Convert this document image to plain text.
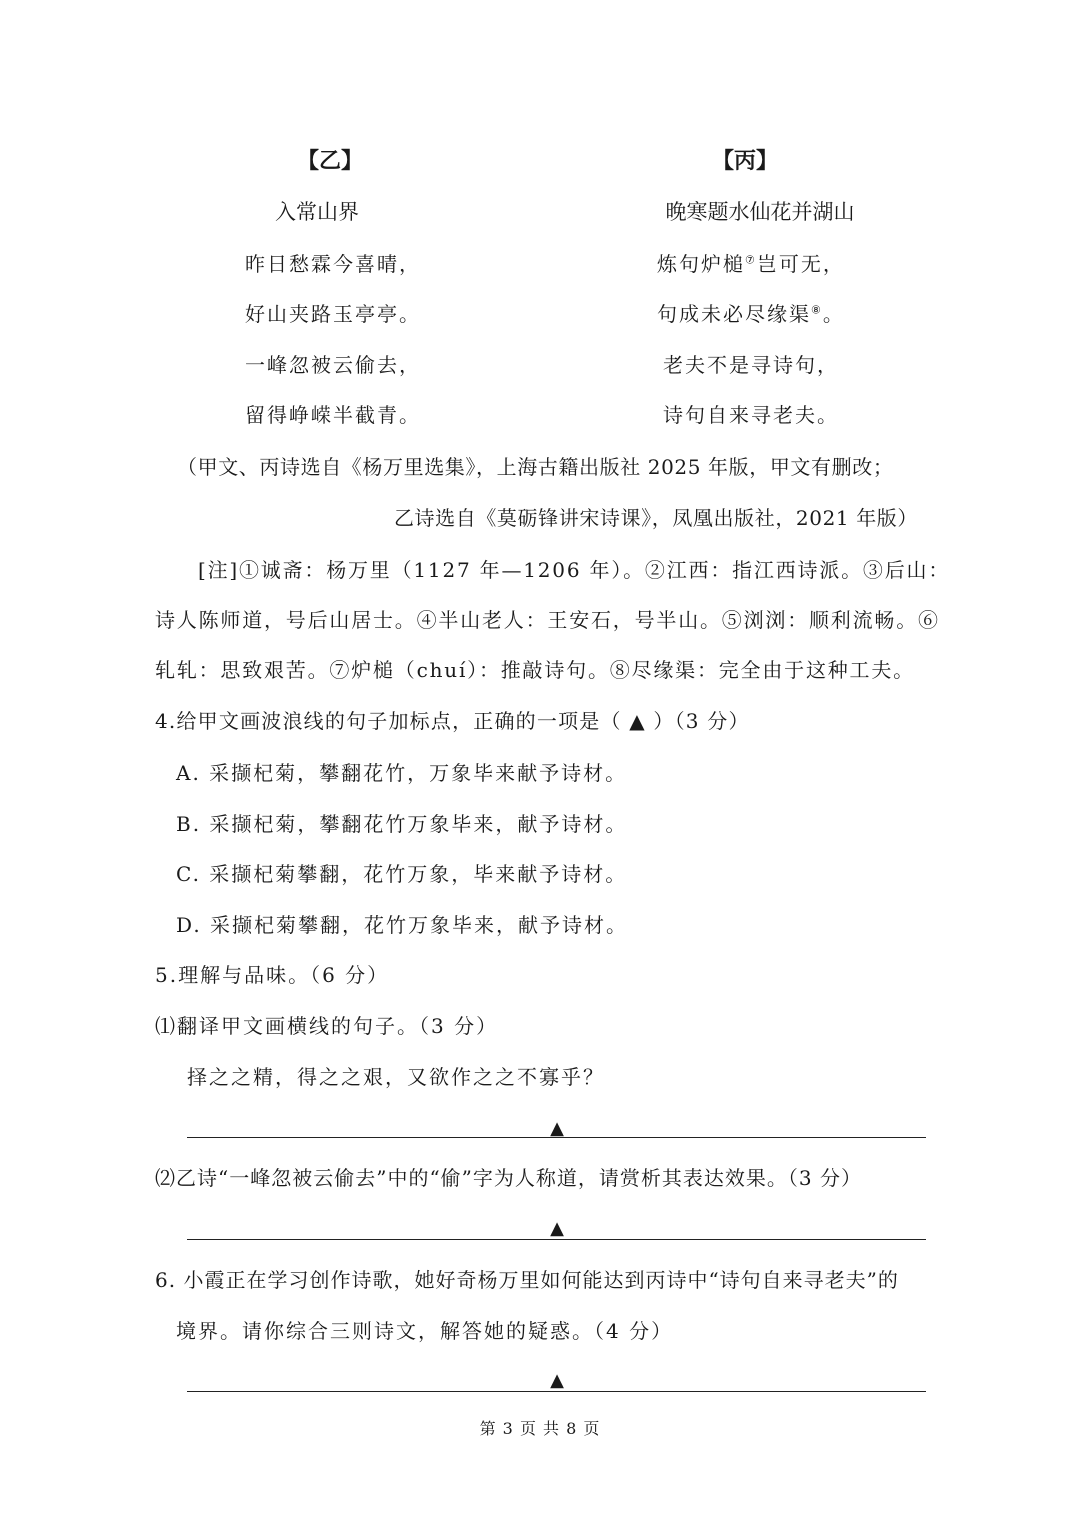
【乙】	【丙】
入常山界
昨日愁霖今喜晴，
好山夹路玉亭亭。
一峰忽被云偷去，
留得峥嵘半截青。
晚寒题水仙花并湖山
炼句炉槌⑦岂可无，
句成未必尽缘渠⑧。
老夫不是寻诗句，
诗句自来寻老夫。
（甲文、丙诗选自《杨万里选集》，上海古籍出版社 2025 年版，甲文有删改；
乙诗选自《莫砺锋讲宋诗课》，凤凰出版社，2021 年版）
[注]①诚斋：杨万里（1127 年—1206 年）。②江西：指江西诗派。③后山：
诗人陈师道，号后山居士。④半山老人：王安石，号半山。⑤浏浏：顺利流畅。⑥
轧轧：思致艰苦。⑦炉槌（chuí）：推敲诗句。⑧尽缘渠：完全由于这种工夫。
4.给甲文画波浪线的句子加标点，正确的一项是（ ▲ ）（3 分）
A. 采撷杞菊，攀翻花竹，万象毕来献予诗材。
B. 采撷杞菊，攀翻花竹万象毕来，献予诗材。
C. 采撷杞菊攀翻，花竹万象，毕来献予诗材。
D. 采撷杞菊攀翻，花竹万象毕来，献予诗材。
5.理解与品味。（6 分）
⑴翻译甲文画横线的句子。（3 分）
择之之精，得之之艰，又欲作之之不寡乎？
▲
⑵乙诗“一峰忽被云偷去”中的“偷”字为人称道，请赏析其表达效果。（3 分）
▲
6. 小霞正在学习创作诗歌，她好奇杨万里如何能达到丙诗中“诗句自来寻老夫”的
境界。请你综合三则诗文，解答她的疑惑。（4 分）
▲
第 3 页 共 8 页
